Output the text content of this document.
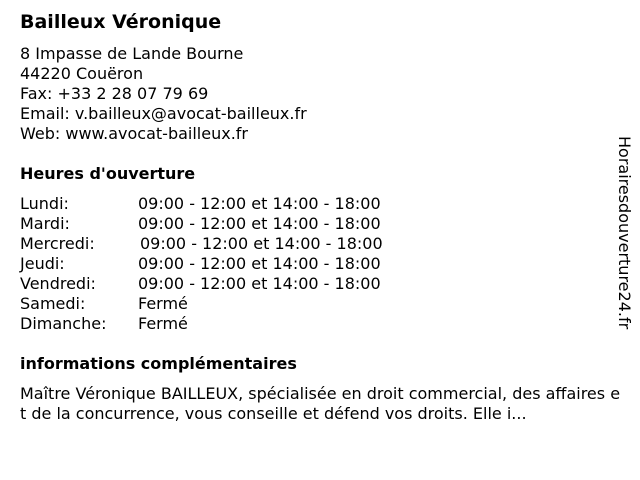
Bailleux Véronique
8 Impasse de Lande Bourne
44220 Couëron
Fax: +33 2 28 07 79 69
Email: v.bailleux@avocat-bailleux.fr
Web: www.avocat-bailleux.fr
Heures d'ouverture
Lundi:	09:00 - 12:00 et 14:00 - 18:00
Mardi:	09:00 - 12:00 et 14:00 - 18:00
Mercredi:	09:00 - 12:00 et 14:00 - 18:00
Jeudi:	09:00 - 12:00 et 14:00 - 18:00
Vendredi:	09:00 - 12:00 et 14:00 - 18:00
Samedi:	Fermé
Dimanche: Fermé
informations complémentaires
Maître Véronique BAILLEUX, spécialisée en droit commercial, des affaires et de la concurrence, vous conseille et défend vos droits. Elle i...
Horairesdouverture24.fr
